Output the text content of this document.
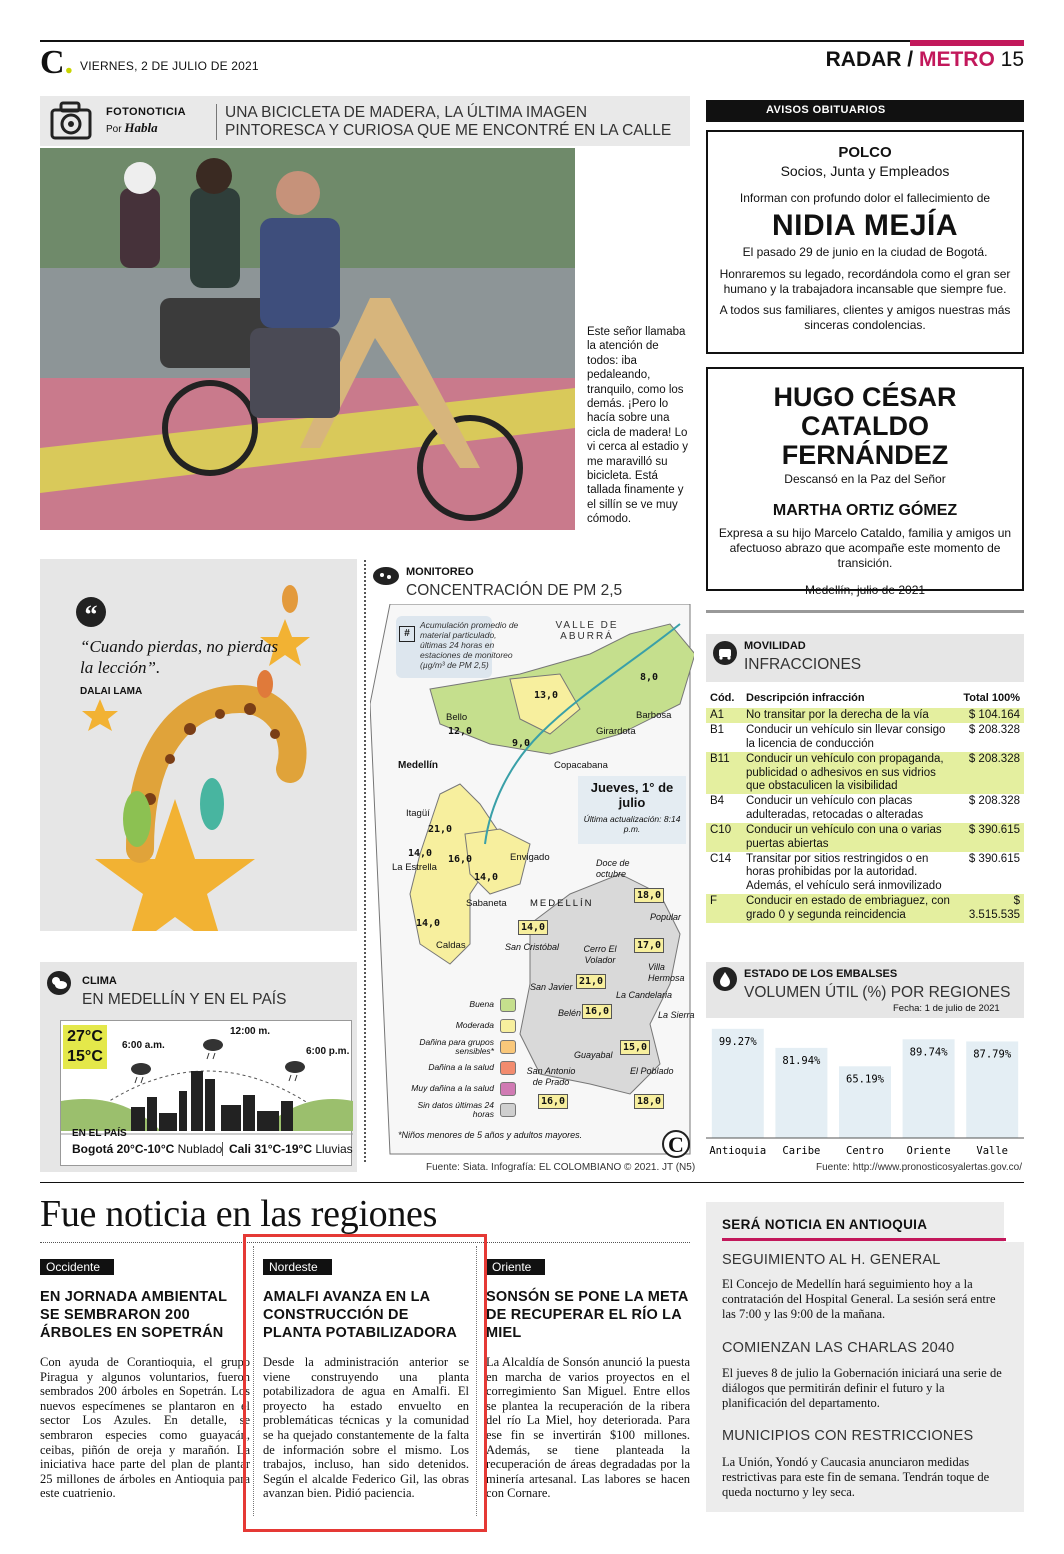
C. VIERNES, 2 DE JULIO DE 2021	RADAR / METRO 15
FOTONOTICIA
Por Habla
UNA BICICLETA DE MADERA, LA ÚLTIMA IMAGEN PINTORESCA Y CURIOSA QUE ME ENCONTRÉ EN LA CALLE
Este señor llamaba la atención de todos: iba pedaleando, tranquilo, como los demás. ¡Pero lo hacía sobre una cicla de madera! Lo vi cerca al estadio y me maravilló su bicicleta. Está tallada finamente y el sillín se ve muy cómodo.
AVISOS OBITUARIOS
POLCO
Socios, Junta y Empleados
Informan con profundo dolor el fallecimiento de
NIDIA MEJÍA
El pasado 29 de junio en la ciudad de Bogotá.
Honraremos su legado, recordándola como el gran ser humano y la trabajadora incansable que siempre fue.
A todos sus familiares, clientes y amigos nuestras más sinceras condolencias.
HUGO CÉSAR CATALDO FERNÁNDEZ
Descansó en la Paz del Señor
MARTHA ORTIZ GÓMEZ
Expresa a su hijo Marcelo Cataldo, familia y amigos un afectuoso abrazo que acompañe este momento de transición.
Medellín, julio de 2021
“
“Cuando pierdas, no pierdas la lección”.
DALAI LAMA
CLIMA
EN MEDELLÍN Y EN EL PAÍS
27°C
15°C
6:00 a.m.
12:00 m.
6:00 p.m.
EN EL PAÍS
Bogotá 20°C-10°C Nublado Cali 31°C-19°C Lluvias
MONITOREO
CONCENTRACIÓN DE PM 2,5
#
Acumulación promedio de material particulado, últimas 24 horas en estaciones de monitoreo (µg/m³ de PM 2,5)
VALLE DE ABURRÁ
Jueves, 1° de julio
Última actualización: 8:14 p.m.
Bello	Barbosa
Girardota
Copacabana
Medellín
Itagüí
Envigado
La Estrella
Sabaneta
Caldas
Doce de octubre
MEDELLÍN
Popular
San Cristóbal	Cerro El Volador
Villa Hermosa
San Javier
La Candelaria
Belén	La Sierra
Guayabal
San Antonio de Prado
El Poblado
13,0
8,0
12,0
9,0
21,0
14,0
16,0
14,0
14,0
18,0
14,0
17,0
21,0
16,0
15,0
16,0	18,0
Buena
Moderada
Dañina para grupos sensibles*
Dañina a la salud
Muy dañina a la salud
Sin datos últimas 24 horas
*Niños menores de 5 años y adultos mayores.	C
Fuente: Siata. Infografía: EL COLOMBIANO © 2021. JT (N5)
MOVILIDAD
INFRACCIONES
Cód.	Descripción infracción	Total 100%
A1	No transitar por la derecha de la vía	$ 104.164
B1	Conducir un vehículo sin llevar consigo la licencia de conducción	$ 208.328
B11	Conducir un vehículo con propaganda, publicidad o adhesivos en sus vidrios que obstaculicen la visibilidad	$ 208.328
B4	Conducir un vehículo con placas adulteradas, retocadas o alteradas	$ 208.328
C10	Conducir un vehículo con una o varias puertas abiertas	$ 390.615
C14	Transitar por sitios restringidos o en horas prohibidas por la autoridad. Además, el vehículo será inmovilizado	$ 390.615
F	Conducir en estado de embriaguez, con grado 0 y segunda reincidencia	$ 3.515.535
ESTADO DE LOS EMBALSES
VOLUMEN ÚTIL (%) POR REGIONES
Fecha: 1 de julio de 2021
99.27%
Antioquia
81.94%
Caribe
65.19%
Centro
89.74%
Oriente
87.79%
Valle
Fuente: http://www.pronosticosyalertas.gov.co/
Fue noticia en las regiones
Occidente
EN JORNADA AMBIENTAL SE SEMBRARON 200 ÁRBOLES EN SOPETRÁN
Con ayuda de Corantioquia, el grupo Piragua y algunos voluntarios, fueron sembrados 200 árboles en Sopetrán. Los nuevos especímenes se plantaron en el sector Los Azules. En detalle, se sembraron especies como guayacán, ceibas, piñón de oreja y marañón. La iniciativa hace parte del plan de plantar 25 millones de árboles en Antioquia para este cuatrienio.
Nordeste
AMALFI AVANZA EN LA CONSTRUCCIÓN DE PLANTA POTABILIZADORA
Desde la administración anterior se viene construyendo una planta potabilizadora de agua en Amalfi. El proyecto ha estado envuelto en problemáticas técnicas y la comunidad se ha quejado constantemente de la falta de información sobre el mismo. Los trabajos, incluso, han sido detenidos. Según el alcalde Federico Gil, las obras avanzan bien. Pidió paciencia.
Oriente
SONSÓN SE PONE LA META DE RECUPERAR EL RÍO LA MIEL
La Alcaldía de Sonsón anunció la puesta en marcha de varios proyectos en el corregimiento San Miguel. Entre ellos se plantea la recuperación de la ribera del río La Miel, hoy deteriorada. Para ese fin se invertirán $100 millones. Además, se tiene planteada la recuperación de áreas degradadas por la minería artesanal. Las labores se hacen con Cornare.
SERÁ NOTICIA EN ANTIOQUIA
SEGUIMIENTO AL H. GENERAL
El Concejo de Medellín hará seguimiento hoy a la contratación del Hospital General. La sesión será entre las 7:00 y las 9:00 de la mañana.
COMIENZAN LAS CHARLAS 2040
El jueves 8 de julio la Gobernación iniciará una serie de diálogos que permitirán definir el futuro y la planificación del departamento.
MUNICIPIOS CON RESTRICCIONES
La Unión, Yondó y Caucasia anunciaron medidas restrictivas para este fin de semana. Tendrán toque de queda nocturno y ley seca.
